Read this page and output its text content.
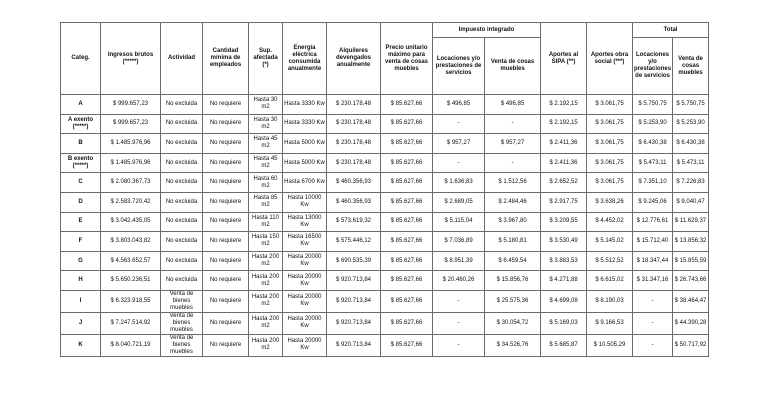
Categ.	Ingresos brutos (*****)	Actividad	Cantidad mínima de empleados	Sup. afectada (*)	Energía eléctrica consumida anualmente	Alquileres devengados anualmente	Precio unitario máximo para venta de cosas muebles	Impuesto integrado		Aportes al SIPA (**)	Aportes obra social (***)	Total	
								Locaciones y/o prestaciones de servicios	Venta de cosas muebles			Locaciones y/o prestaciones de servicios	Venta de cosas muebles
A	$ 999.657,23	No excluida	No requiere	Hasta 30 m2	Hasta 3330 Kw	$ 230.178,48	$ 85.627,66	$ 496,85	$ 496,85	$ 2.192,15	$ 3.061,75	$ 5.750,75	$ 5.750,75
A exento (*****)	$ 999.657,23	No excluida	No requiere	Hasta 30 m2	Hasta 3330 Kw	$ 230.178,48	$ 85.627,66	-	-	$ 2.192,15	$ 3.061,75	$ 5.253,90	$ 5.253,90
B	$ 1.485.976,96	No excluida	No requiere	Hasta 45 m2	Hasta 5000 Kw	$ 230.178,48	$ 85.627,66	$ 957,27	$ 957,27	$ 2.411,36	$ 3.061,75	$ 6.430,38	$ 6.430,38
B exento (*****)	$ 1.485.976,96	No excluida	No requiere	Hasta 45 m2	Hasta 5000 Kw	$ 230.178,48	$ 85.627,66	-	-	$ 2.411,36	$ 3.061,75	$ 5.473,11	$ 5.473,11
C	$ 2.080.367,73	No excluida	No requiere	Hasta 60 m2	Hasta 6700 Kw	$ 460.356,93	$ 85.627,66	$ 1.636,83	$ 1.512,56	$ 2.652,52	$ 3.061,75	$ 7.351,10	$ 7.226,83
D	$ 2.583.720,42	No excluida	No requiere	Hasta 85 m2	Hasta 10000 Kw	$ 460.356,93	$ 85.627,66	$ 2.689,05	$ 2.484,46	$ 2.917,75	$ 3.638,26	$ 9.245,06	$ 9.040,47
E	$ 3.042.435,05	No excluida	No requiere	Hasta 110 m2	Hasta 13000 Kw	$ 573.619,32	$ 85.627,66	$ 5.115,04	$ 3.967,80	$ 3.209,55	$ 4.452,02	$ 12.776,61	$ 11.629,37
F	$ 3.803.043,82	No excluida	No requiere	Hasta 150 m2	Hasta 16500 Kw	$ 575.446,12	$ 85.627,66	$ 7.036,89	$ 5.180,81	$ 3.530,49	$ 5.145,02	$ 15.712,40	$ 13.856,32
G	$ 4.563.652,57	No excluida	No requiere	Hasta 200 m2	Hasta 20000 Kw	$ 690.535,39	$ 85.627,66	$ 8.951,39	$ 6.459,54	$ 3.883,53	$ 5.512,52	$ 18.347,44	$ 15.855,59
H	$ 5.650.236,51	No excluida	No requiere	Hasta 200 m2	Hasta 20000 Kw	$ 920.713,84	$ 85.627,66	$ 20.460,26	$ 15.856,76	$ 4.271,88	$ 6.615,02	$ 31.347,16	$ 26.743,66
I	$ 6.323.918,55	Venta de bienes muebles	No requiere	Hasta 200 m2	Hasta 20000 Kw	$ 920.713,84	$ 85.627,66	-	$ 25.575,36	$ 4.699,08	$ 8.190,03	-	$ 38.464,47
J	$ 7.247.514,92	Venta de bienes muebles	No requiere	Hasta 200 m2	Hasta 20000 Kw	$ 920.713,84	$ 85.627,66	-	$ 30.054,72	$ 5.169,03	$ 9.166,53	-	$ 44.390,28
K	$ 8.040.721,19	Venta de bienes muebles	No requiere	Hasta 200 m2	Hasta 20000 Kw	$ 920.713,84	$ 85.627,66	-	$ 34.526,76	$ 5.685,87	$ 10.505,29	-	$ 50.717,92
